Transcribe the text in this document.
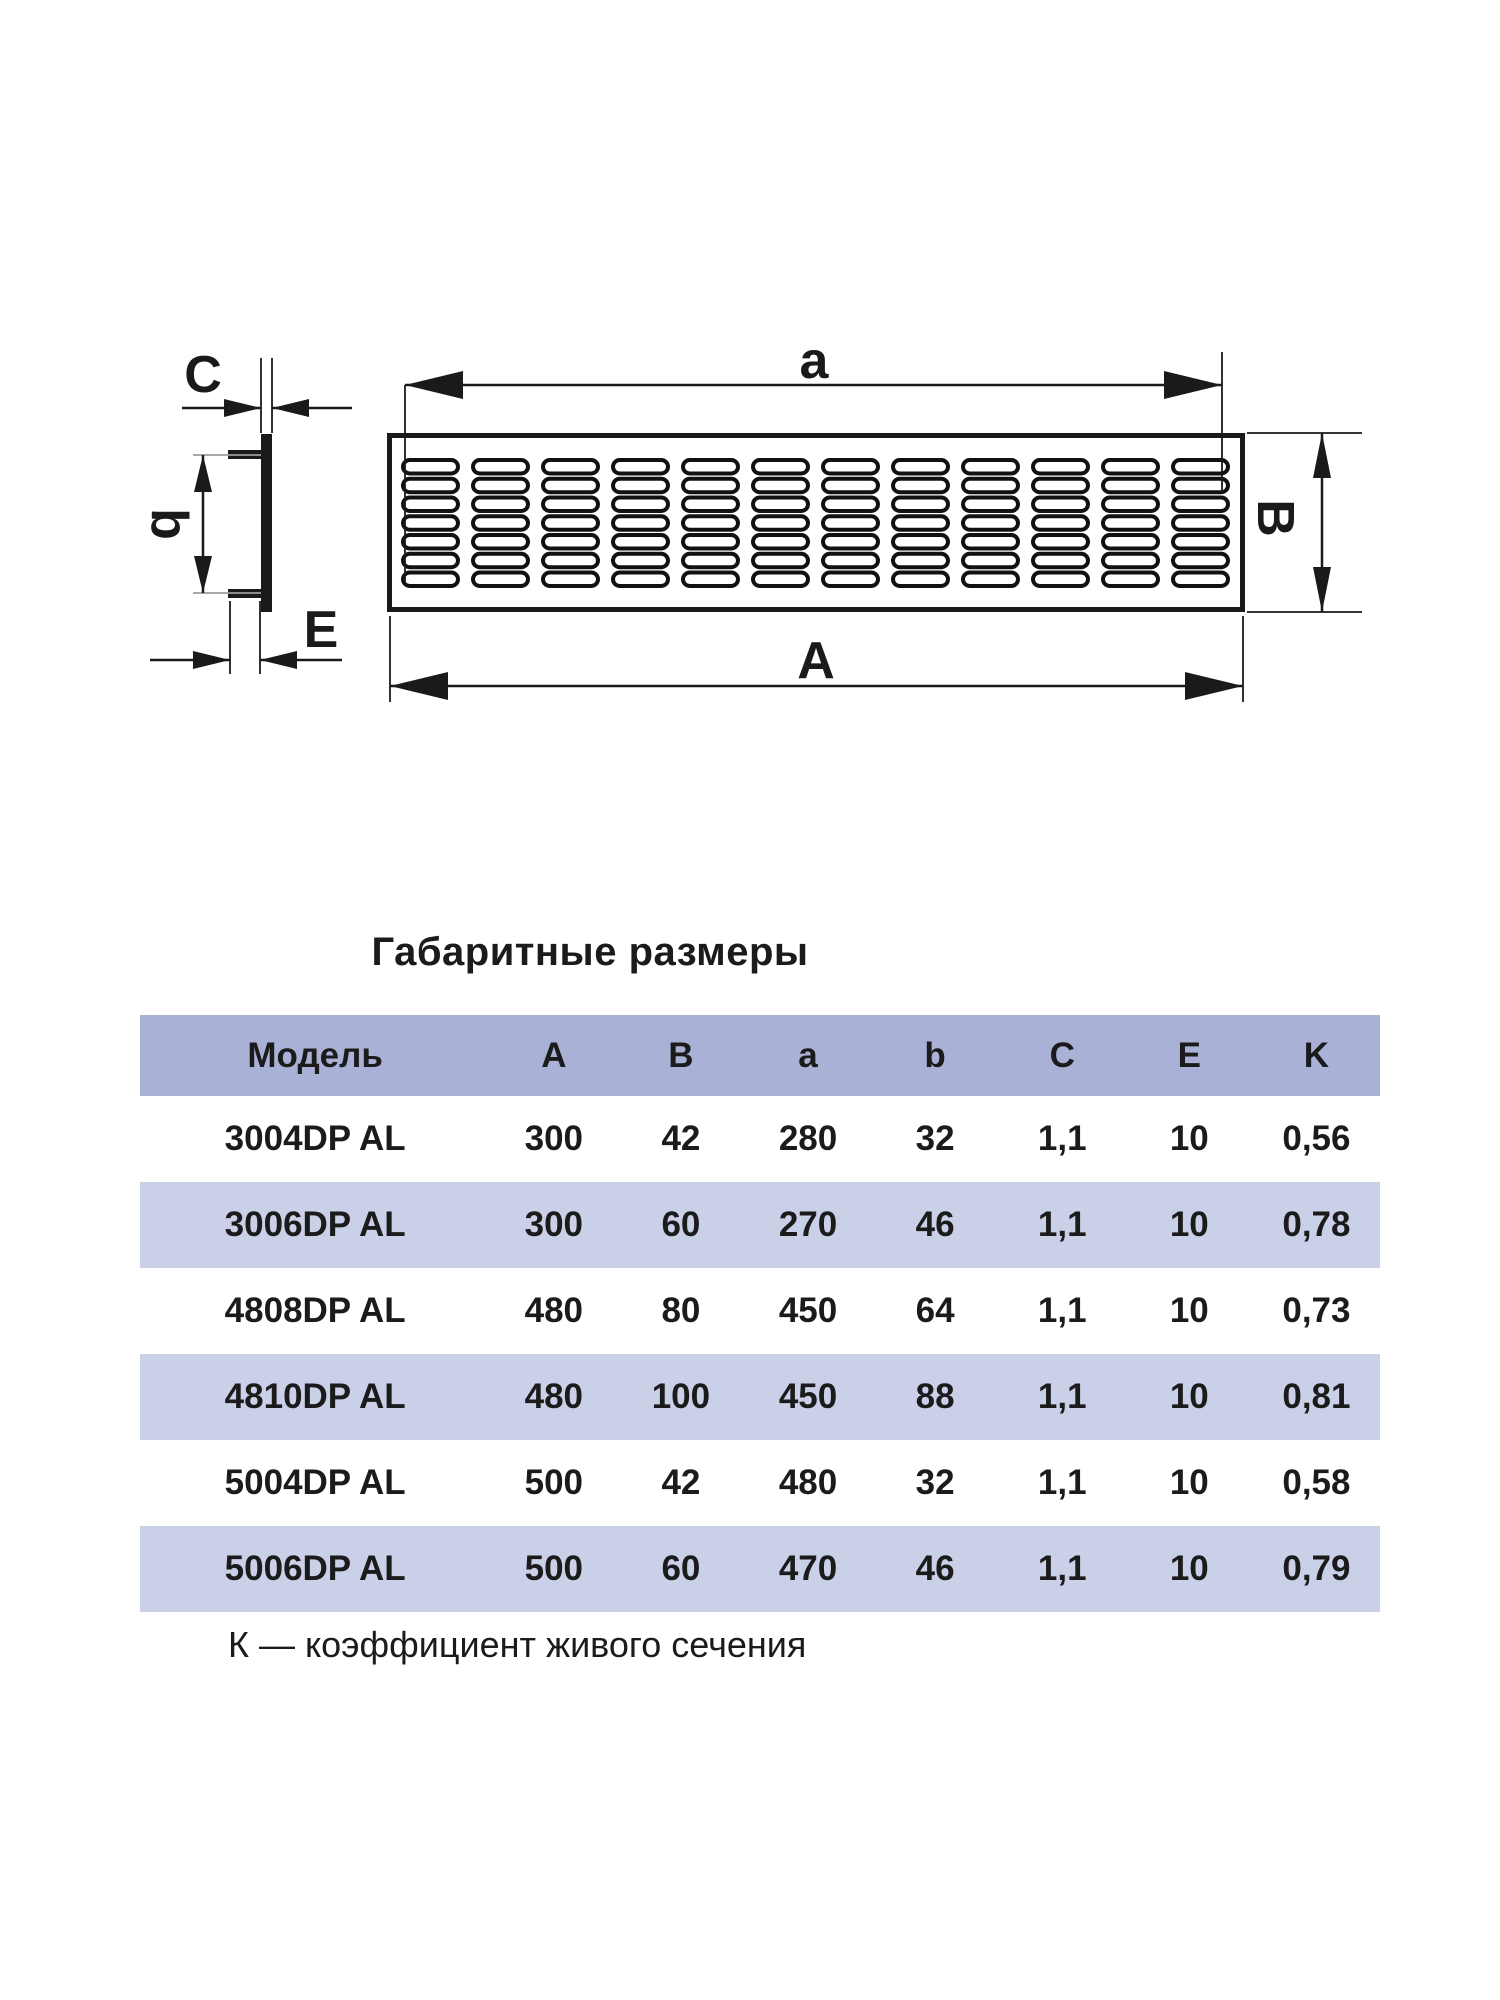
C
b
E
a
A
B
Габаритные размеры
Модель	A	B	a	b	C	E	K
3004DP AL	300	42	280	32	1,1	10	0,56
3006DP AL	300	60	270	46	1,1	10	0,78
4808DP AL	480	80	450	64	1,1	10	0,73
4810DP AL	480	100	450	88	1,1	10	0,81
5004DP AL	500	42	480	32	1,1	10	0,58
5006DP AL	500	60	470	46	1,1	10	0,79
К — коэффициент живого сечения
